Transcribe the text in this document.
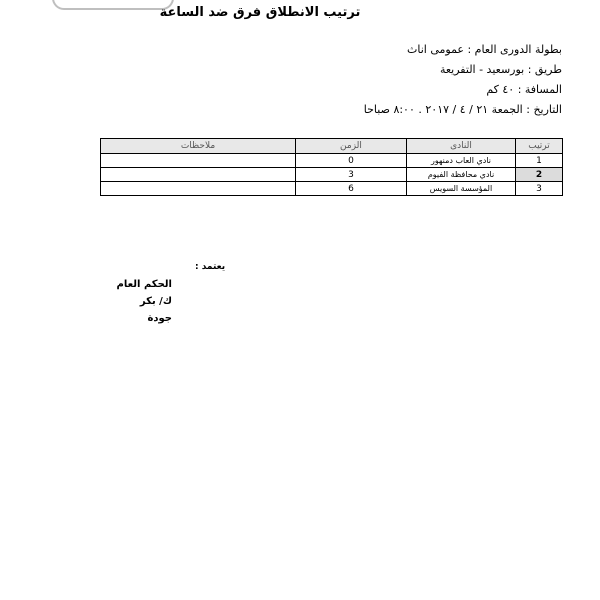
ترتيب الانطلاق فرق ضد الساعة
بطولة الدورى العام : عمومى اناث
طريق : بورسعيد - التفريعة
المسافة : ٤٠ كم
التاريخ : الجمعة ٢١ / ٤ / ٢٠١٧ . ٨:٠٠ صباحا
ترتيب	النادى	الزمن	ملاحظات
1	نادي العاب دمنهور	0	
2	نادي محافظة الفيوم	3	
3	المؤسسة السويس	6	
يعتمد :
الحكم العام
ك/ بكر جودة
